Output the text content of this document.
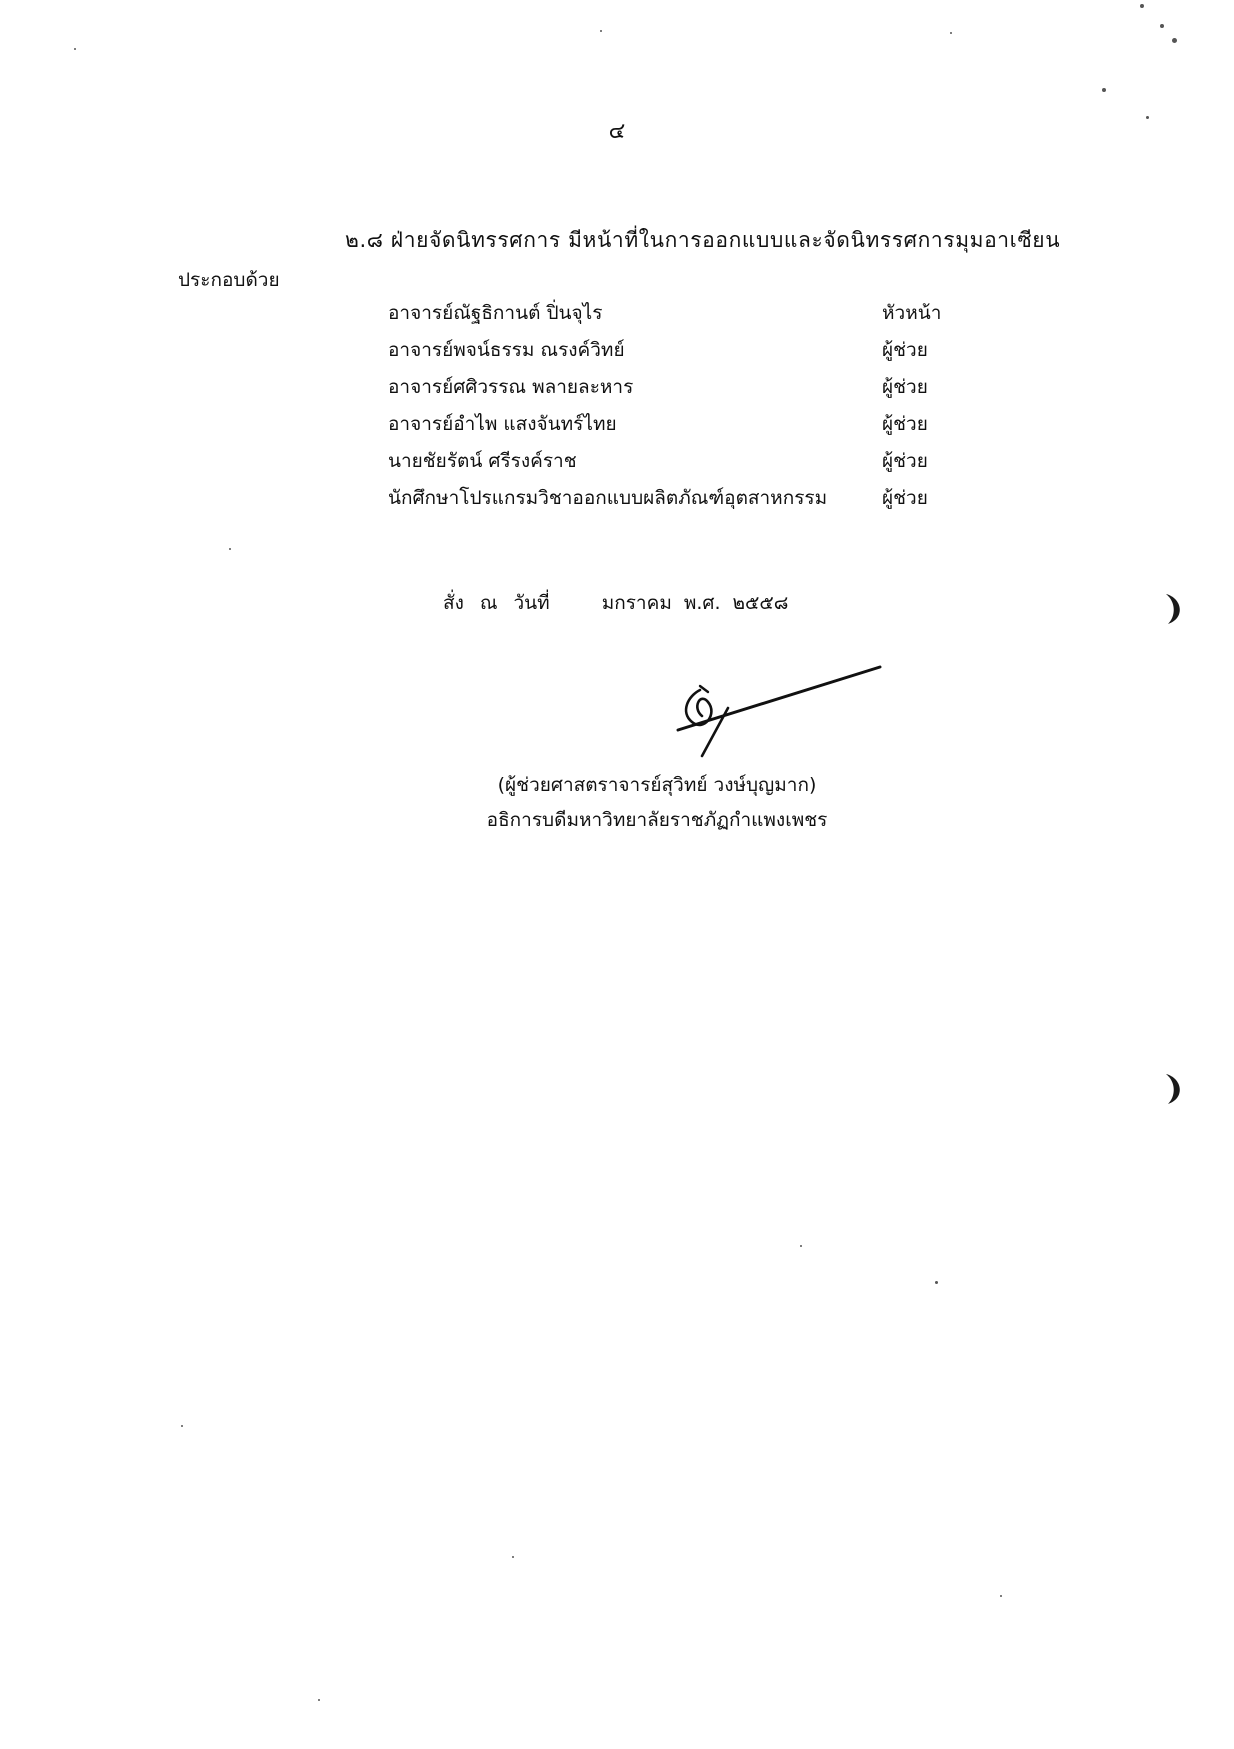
๔
๒.๘ ฝ่ายจัดนิทรรศการ มีหน้าที่ในการออกแบบและจัดนิทรรศการมุมอาเซียน
ประกอบด้วย
อาจารย์ณัฐธิกานต์ ปิ่นจุไร	หัวหน้า
อาจารย์พจน์ธรรม ณรงค์วิทย์	ผู้ช่วย
อาจารย์ศศิวรรณ พลายละหาร	ผู้ช่วย
อาจารย์อำไพ แสงจันทร์ไทย	ผู้ช่วย
นายชัยรัตน์ ศรีรงค์ราช	ผู้ช่วย
นักศึกษาโปรแกรมวิชาออกแบบผลิตภัณฑ์อุตสาหกรรม	ผู้ช่วย
สั่ง ณ วันที่	มกราคม พ.ศ. ๒๕๕๘
(ผู้ช่วยศาสตราจารย์สุวิทย์ วงษ์บุญมาก)
อธิการบดีมหาวิทยาลัยราชภัฏกำแพงเพชร
